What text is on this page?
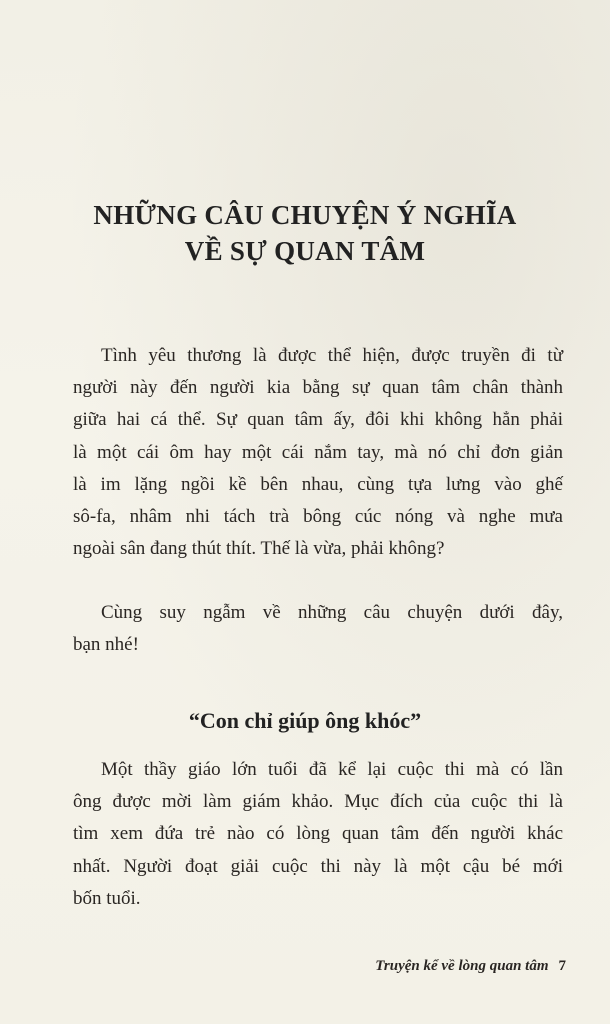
NHỮNG CÂU CHUYỆN Ý NGHĨA
VỀ SỰ QUAN TÂM
Tình yêu thương là được thể hiện, được truyền đi từ
người này đến người kia bằng sự quan tâm chân thành
giữa hai cá thể. Sự quan tâm ấy, đôi khi không hẳn phải
là một cái ôm hay một cái nắm tay, mà nó chỉ đơn giản
là im lặng ngồi kề bên nhau, cùng tựa lưng vào ghế
sô-fa, nhâm nhi tách trà bông cúc nóng và nghe mưa
ngoài sân đang thút thít. Thế là vừa, phải không?
Cùng suy ngẫm về những câu chuyện dưới đây,
bạn nhé!
“Con chỉ giúp ông khóc”
Một thầy giáo lớn tuổi đã kể lại cuộc thi mà có lần
ông được mời làm giám khảo. Mục đích của cuộc thi là
tìm xem đứa trẻ nào có lòng quan tâm đến người khác
nhất. Người đoạt giải cuộc thi này là một cậu bé mới
bốn tuổi.
Truyện kể về lòng quan tâm 7
